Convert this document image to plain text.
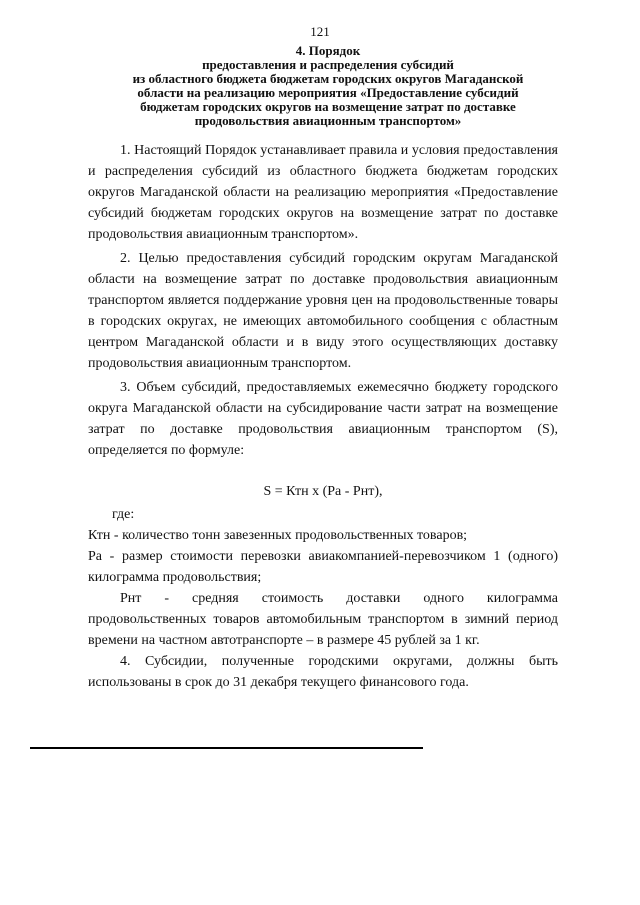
121
4. Порядок
предоставления и распределения субсидий
из областного бюджета бюджетам городских округов Магаданской
области на реализацию мероприятия «Предоставление субсидий
бюджетам городских округов на возмещение затрат по доставке
продовольствия авиационным транспортом»

1. Настоящий Порядок устанавливает правила и условия предоставления и распределения субсидий из областного бюджета бюджетам городских округов Магаданской области на реализацию мероприятия «Предоставление субсидий бюджетам городских округов на возмещение затрат по доставке продовольствия авиационным транспортом».

2. Целью предоставления субсидий городским округам Магаданской области на возмещение затрат по доставке продовольствия авиационным транспортом является поддержание уровня цен на продовольственные товары в городских округах, не имеющих автомобильного сообщения с областным центром Магаданской области и в виду этого осуществляющих доставку продовольствия авиационным транспортом.

3. Объем субсидий, предоставляемых ежемесячно бюджету городского округа Магаданской области на субсидирование части затрат на возмещение затрат по доставке продовольствия авиационным транспортом (S), определяется по формуле:

S = Ктн х (Ра - Рнт),

где:

Ктн - количество тонн завезенных продовольственных товаров;

Ра - размер стоимости перевозки авиакомпанией-перевозчиком 1 (одного) килограмма продовольствия;

Рнт - средняя стоимость доставки одного килограмма продовольственных товаров автомобильным транспортом в зимний период времени на частном автотранспорте – в размере 45 рублей за 1 кг.

4. Субсидии, полученные городскими округами, должны быть использованы в срок до 31 декабря текущего финансового года.
